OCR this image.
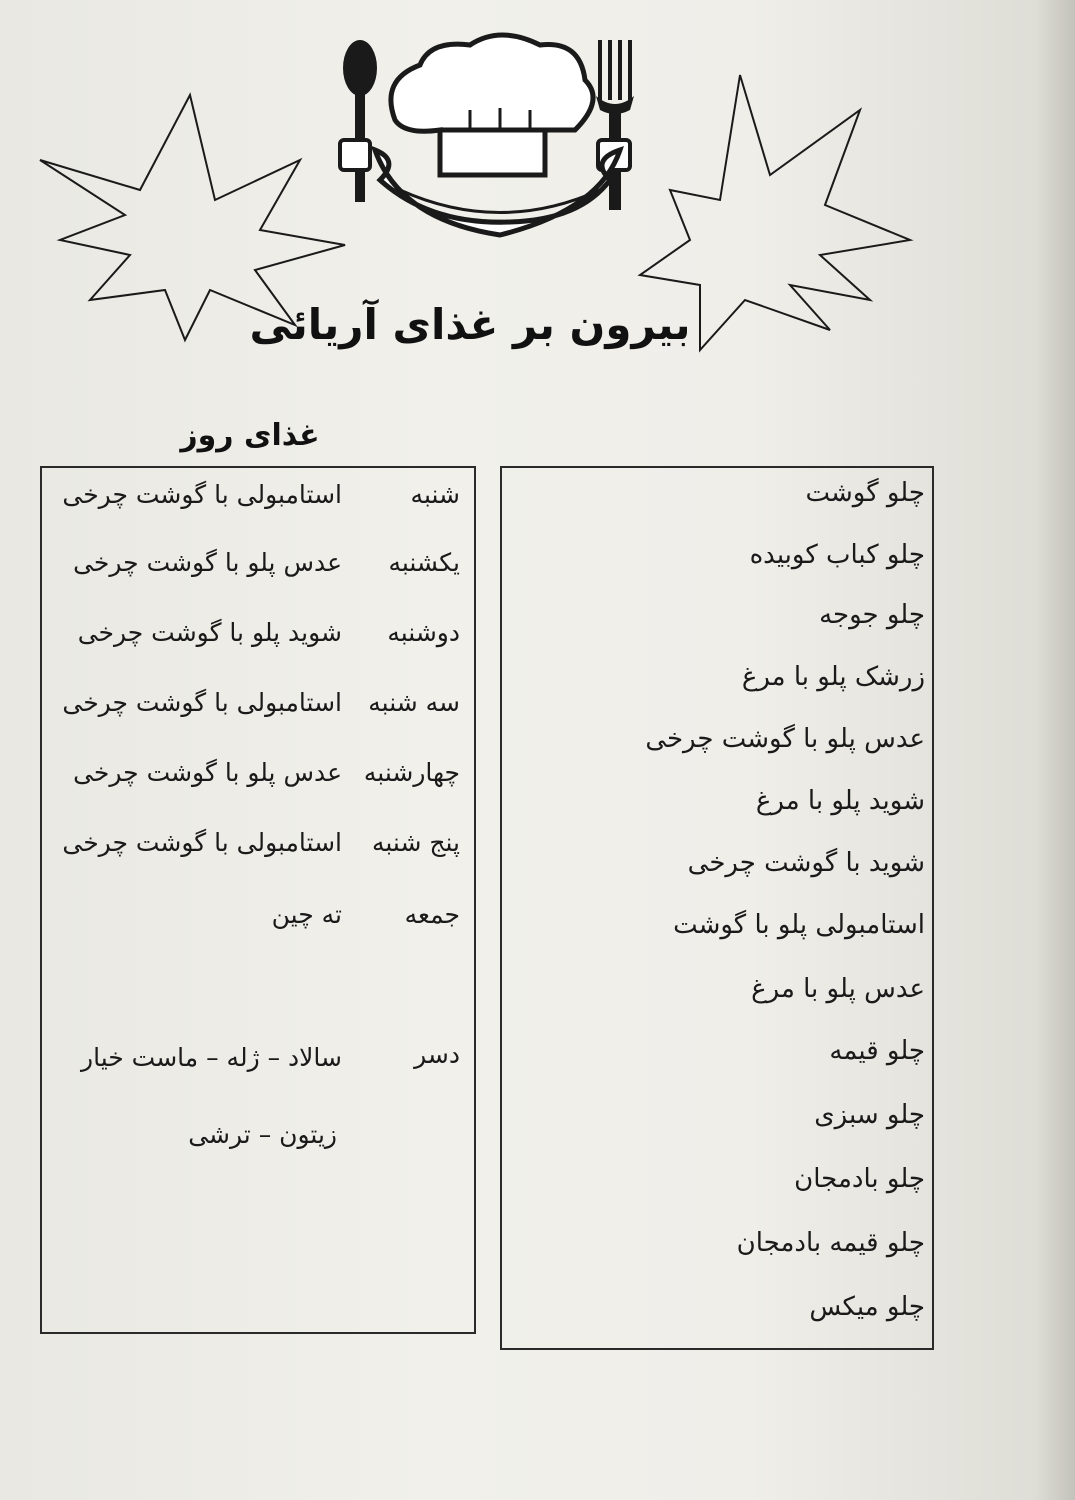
بیرون بر غذای آریائی
غذای روز
شنبه
استامبولی با گوشت چرخی
یکشنبه
عدس پلو با گوشت چرخی
دوشنبه
شوید پلو با گوشت چرخی
سه شنبه
استامبولی با گوشت چرخی
چهارشنبه
عدس پلو با گوشت چرخی
پنج شنبه
استامبولی با گوشت چرخی
جمعه
ته چین
دسر
سالاد – ژله – ماست خیار
زیتون – ترشی
چلو گوشت
چلو کباب کوبیده
چلو جوجه
زرشک پلو با مرغ
عدس پلو با گوشت چرخی
شوید پلو با مرغ
شوید با گوشت چرخی
استامبولی پلو با گوشت
عدس پلو با مرغ
چلو قیمه
چلو سبزی
چلو بادمجان
چلو قیمه بادمجان
چلو میکس
